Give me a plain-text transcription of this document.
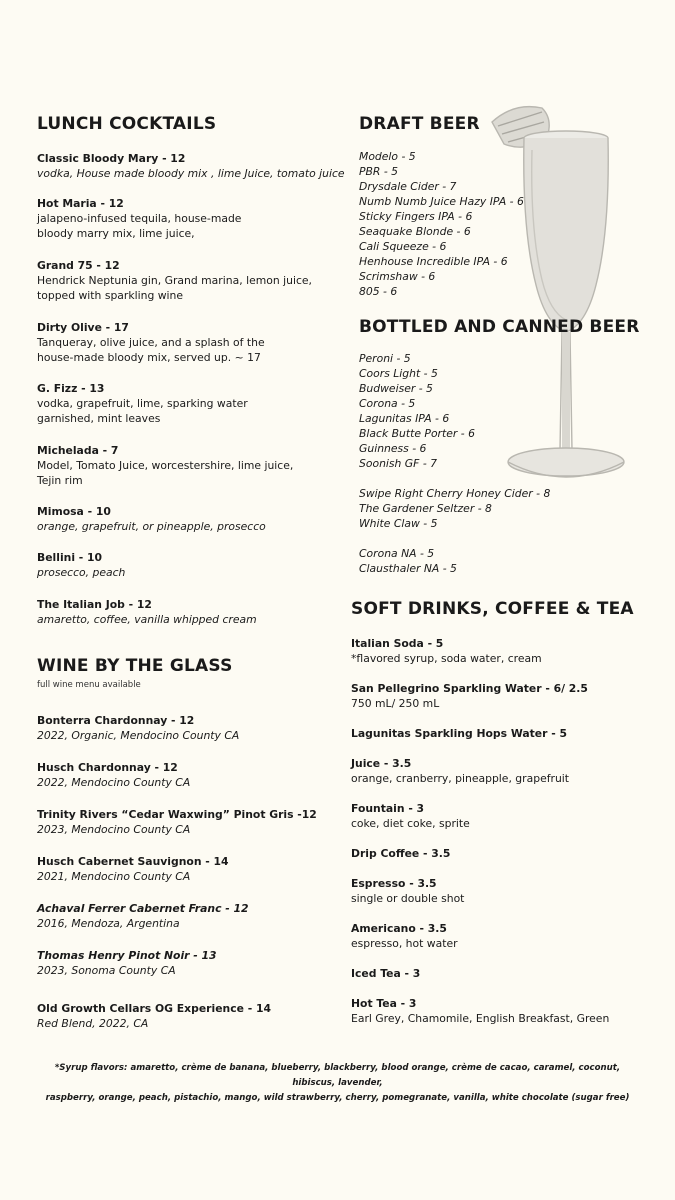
LUNCH COCKTAILS
Classic Bloody Mary - 12
vodka, House made bloody mix , lime Juice, tomato juice
Hot Maria - 12
jalapeno-infused tequila, house-made
bloody marry mix, lime juice,
Grand 75 - 12
Hendrick Neptunia gin, Grand marina, lemon juice,
topped with sparkling wine
Dirty Olive - 17
Tanqueray, olive juice, and a splash of the
house-made bloody mix, served up. ~ 17
G. Fizz - 13
vodka, grapefruit, lime, sparking water
garnished, mint leaves
Michelada - 7
Model, Tomato Juice, worcestershire, lime juice,
Tejin rim
Mimosa - 10
orange, grapefruit, or pineapple, prosecco
Bellini - 10
prosecco, peach
The Italian Job - 12
amaretto, coffee, vanilla whipped cream
WINE BY THE GLASS
full wine menu available
Bonterra Chardonnay - 12
2022, Organic, Mendocino County CA
Husch Chardonnay - 12
2022, Mendocino County CA
Trinity Rivers “Cedar Waxwing” Pinot Gris -12
2023, Mendocino County CA
Husch Cabernet Sauvignon - 14
2021, Mendocino County CA
Achaval Ferrer Cabernet Franc - 12
2016, Mendoza, Argentina
Thomas Henry Pinot Noir - 13
2023, Sonoma County CA
Old Growth Cellars OG Experience - 14
Red Blend, 2022, CA
DRAFT BEER
Modelo - 5
PBR - 5
Drysdale Cider - 7
Numb Numb Juice Hazy IPA - 6
Sticky Fingers IPA - 6
Seaquake Blonde - 6
Cali Squeeze - 6
Henhouse Incredible IPA - 6
Scrimshaw - 6
805 - 6
BOTTLED AND CANNED BEER
Peroni - 5
Coors Light - 5
Budweiser - 5
Corona - 5
Lagunitas IPA - 6
Black Butte Porter - 6
Guinness - 6
Soonish GF - 7
Swipe Right Cherry Honey Cider - 8
The Gardener Seltzer - 8
White Claw - 5
Corona NA - 5
Clausthaler NA - 5
SOFT DRINKS, COFFEE & TEA
Italian Soda - 5
*flavored syrup, soda water, cream
San Pellegrino Sparkling Water - 6/ 2.5
750 mL/ 250 mL
Lagunitas Sparkling Hops Water - 5
Juice - 3.5
orange, cranberry, pineapple, grapefruit
Fountain - 3
coke, diet coke, sprite
Drip Coffee - 3.5
Espresso - 3.5
single or double shot
Americano - 3.5
espresso, hot water
Iced Tea - 3
Hot Tea - 3
Earl Grey, Chamomile, English Breakfast, Green
*Syrup flavors: amaretto, crème de banana, blueberry, blackberry, blood orange, crème de cacao, caramel, coconut, hibiscus, lavender,
raspberry, orange, peach, pistachio, mango, wild strawberry, cherry, pomegranate, vanilla, white chocolate (sugar free)
